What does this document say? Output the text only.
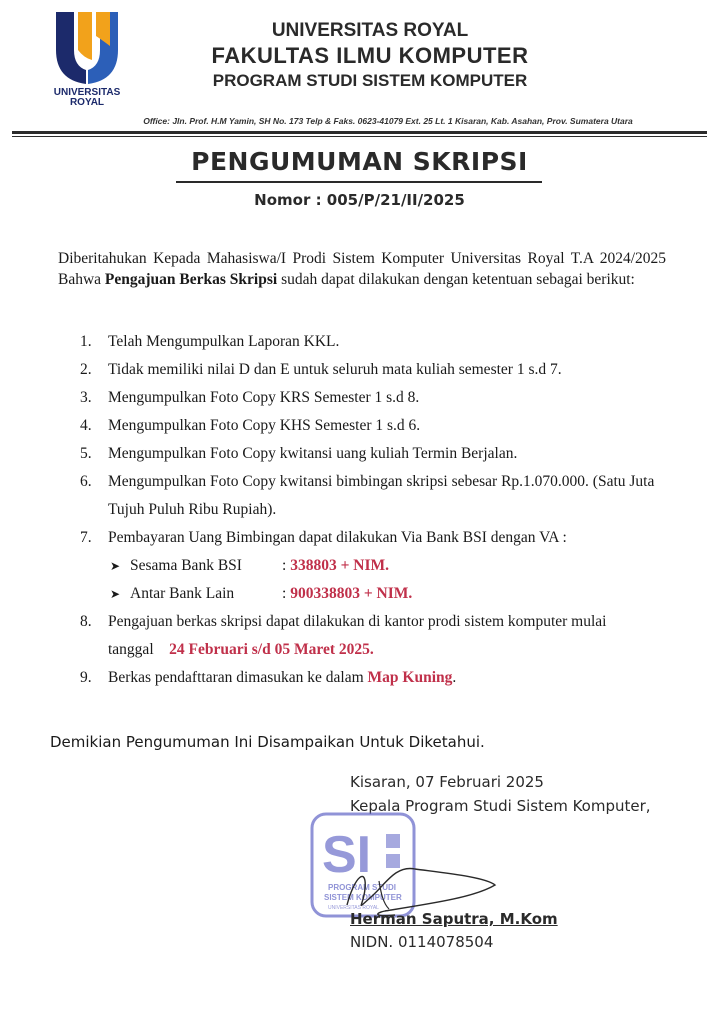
UNIVERSITAS
ROYAL
UNIVERSITAS ROYAL
FAKULTAS ILMU KOMPUTER
PROGRAM STUDI SISTEM KOMPUTER
Office: Jln. Prof. H.M Yamin, SH No. 173 Telp & Faks. 0623-41079 Ext. 25 Lt. 1 Kisaran, Kab. Asahan, Prov. Sumatera Utara
PENGUMUMAN SKRIPSI
Nomor : 005/P/21/II/2025
Diberitahukan Kepada Mahasiswa/I Prodi Sistem Komputer Universitas Royal T.A 2024/2025 Bahwa Pengajuan Berkas Skripsi sudah dapat dilakukan dengan ketentuan sebagai berikut:
1.	Telah Mengumpulkan Laporan KKL.
2.	Tidak memiliki nilai D dan E untuk seluruh mata kuliah semester 1 s.d 7.
3.	Mengumpulkan Foto Copy KRS Semester 1 s.d 8.
4.	Mengumpulkan Foto Copy KHS Semester 1 s.d 6.
5.	Mengumpulkan Foto Copy kwitansi uang kuliah Termin Berjalan.
6.	Mengumpulkan Foto Copy kwitansi bimbingan skripsi sebesar Rp.1.070.000. (Satu Juta Tujuh Puluh Ribu Rupiah).
7.	Pembayaran Uang Bimbingan dapat dilakukan Via Bank BSI dengan VA :
➤ Sesama Bank BSI	: 338803 + NIM.
➤ Antar Bank Lain	: 900338803 + NIM.
8.	Pengajuan berkas skripsi dapat dilakukan di kantor prodi sistem komputer mulai tanggal 24 Februari s/d 05 Maret 2025.
9.	Berkas pendafttaran dimasukan ke dalam Map Kuning.
Demikian Pengumuman Ini Disampaikan Untuk Diketahui.
Kisaran, 07 Februari 2025
Kepala Program Studi Sistem Komputer,
SI
PROGRAM STUDI
SISTEM KOMPUTER
UNIVERSITAS ROYAL
Herman Saputra, M.Kom
NIDN. 0114078504
